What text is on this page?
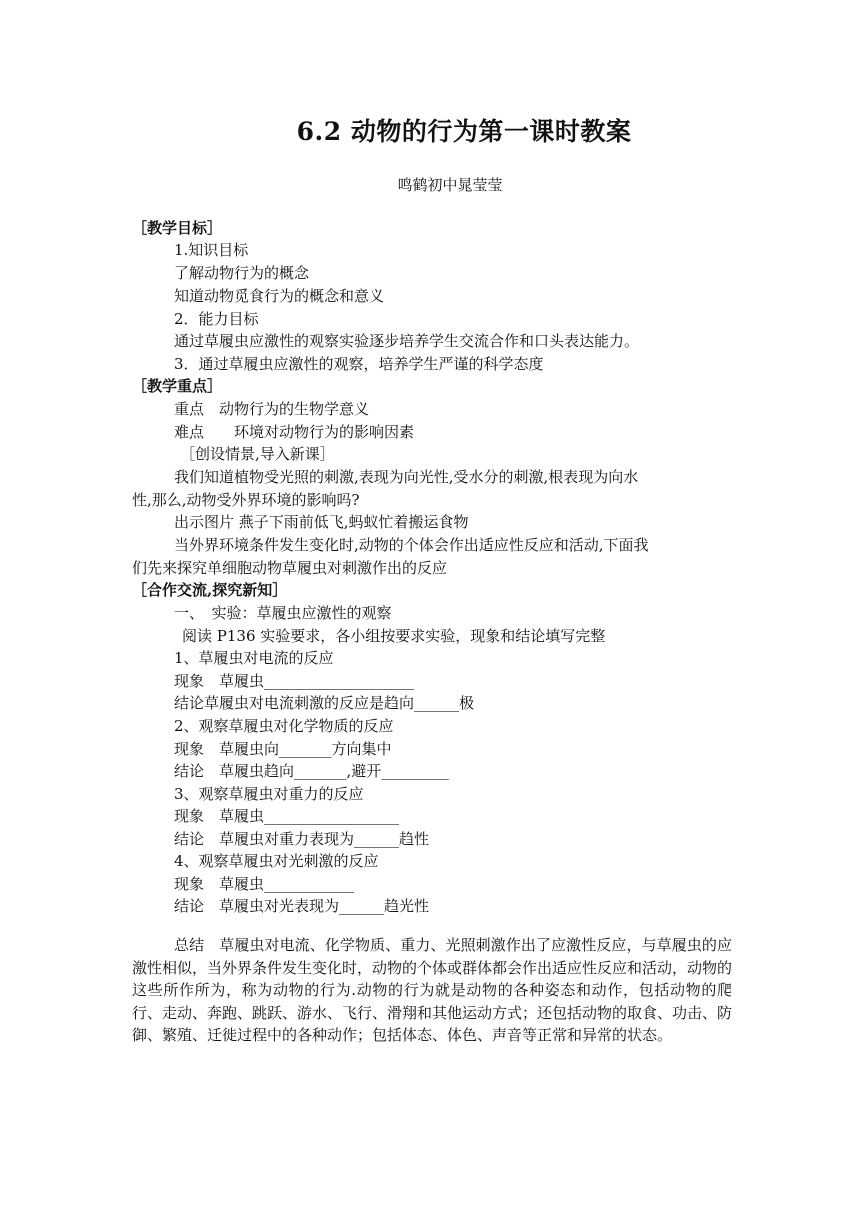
6.2 动物的行为第一课时教案
鸣鹤初中晁莹莹
［教学目标］
1.知识目标
了解动物行为的概念
知道动物觅食行为的概念和意义
2．能力目标
通过草履虫应激性的观察实验逐步培养学生交流合作和口头表达能力。
3．通过草履虫应激性的观察，培养学生严谨的科学态度
［教学重点］
重点　动物行为的生物学意义
难点　　环境对动物行为的影响因素
［创设情景,导入新课］
我们知道植物受光照的刺激,表现为向光性,受水分的刺激,根表现为向水
性,那么,动物受外界环境的影响吗?
出示图片 燕子下雨前低飞,蚂蚁忙着搬运食物
当外界环境条件发生变化时,动物的个体会作出适应性反应和活动,下面我
们先来探究单细胞动物草履虫对刺激作出的反应
［合作交流,探究新知］
一、　实验：草履虫应激性的观察
阅读 P136 实验要求，各小组按要求实验，现象和结论填写完整
1、草履虫对电流的反应
现象　草履虫____________________
结论草履虫对电流刺激的反应是趋向______极
2、观察草履虫对化学物质的反应
现象　草履虫向_______方向集中
结论　草履虫趋向_______,避开_________
3、观察草履虫对重力的反应
现象　草履虫__________________
结论　草履虫对重力表现为______趋性
4、观察草履虫对光刺激的反应
现象　草履虫____________
结论　草履虫对光表现为______趋光性
总结　草履虫对电流、化学物质、重力、光照刺激作出了应激性反应，与草履虫的应激性相似，当外界条件发生变化时，动物的个体或群体都会作出适应性反应和活动，动物的这些所作所为，称为动物的行为.动物的行为就是动物的各种姿态和动作，包括动物的爬行、走动、奔跑、跳跃、游水、飞行、滑翔和其他运动方式；还包括动物的取食、功击、防御、繁殖、迁徙过程中的各种动作；包括体态、体色、声音等正常和异常的状态。
